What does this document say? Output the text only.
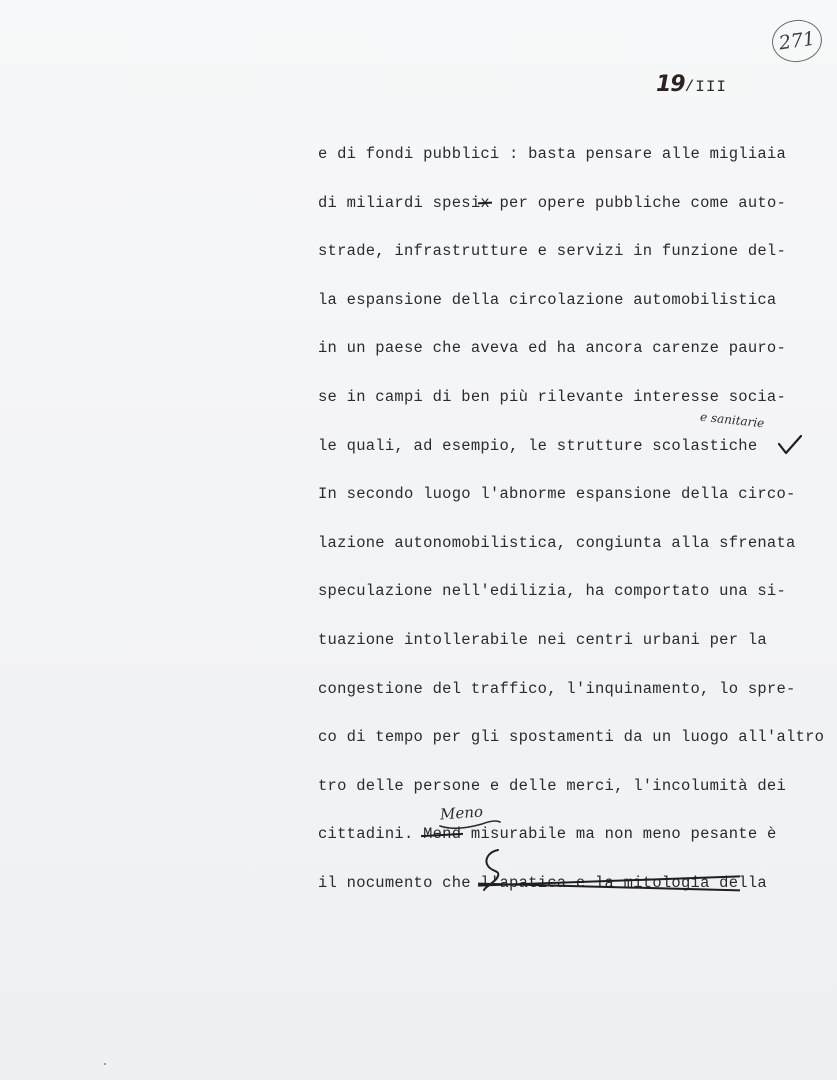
271
19/III
e di fondi pubblici : basta pensare alle migliaia
di miliardi spesix per opere pubbliche come auto-
strade, infrastrutture e servizi in funzione del-
la espansione della circolazione automobilistica
in un paese che aveva ed ha ancora carenze pauro-
se in campi di ben più rilevante interesse socia-
le quali, ad esempio, le strutture scolastiche
In secondo luogo l'abnorme espansione della circo-
lazione autonomobilistica, congiunta alla sfrenata
speculazione nell'edilizia, ha comportato una si-
tuazione intollerabile nei centri urbani per la
congestione del traffico, l'inquinamento, lo spre-
co di tempo per gli spostamenti da un luogo all'altro
tro delle persone e delle merci, l'incolumità dei
cittadini. Mend misurabile ma non meno pesante è
il nocumento che l'apatica e la mitologia della
e sanitarie
Meno
